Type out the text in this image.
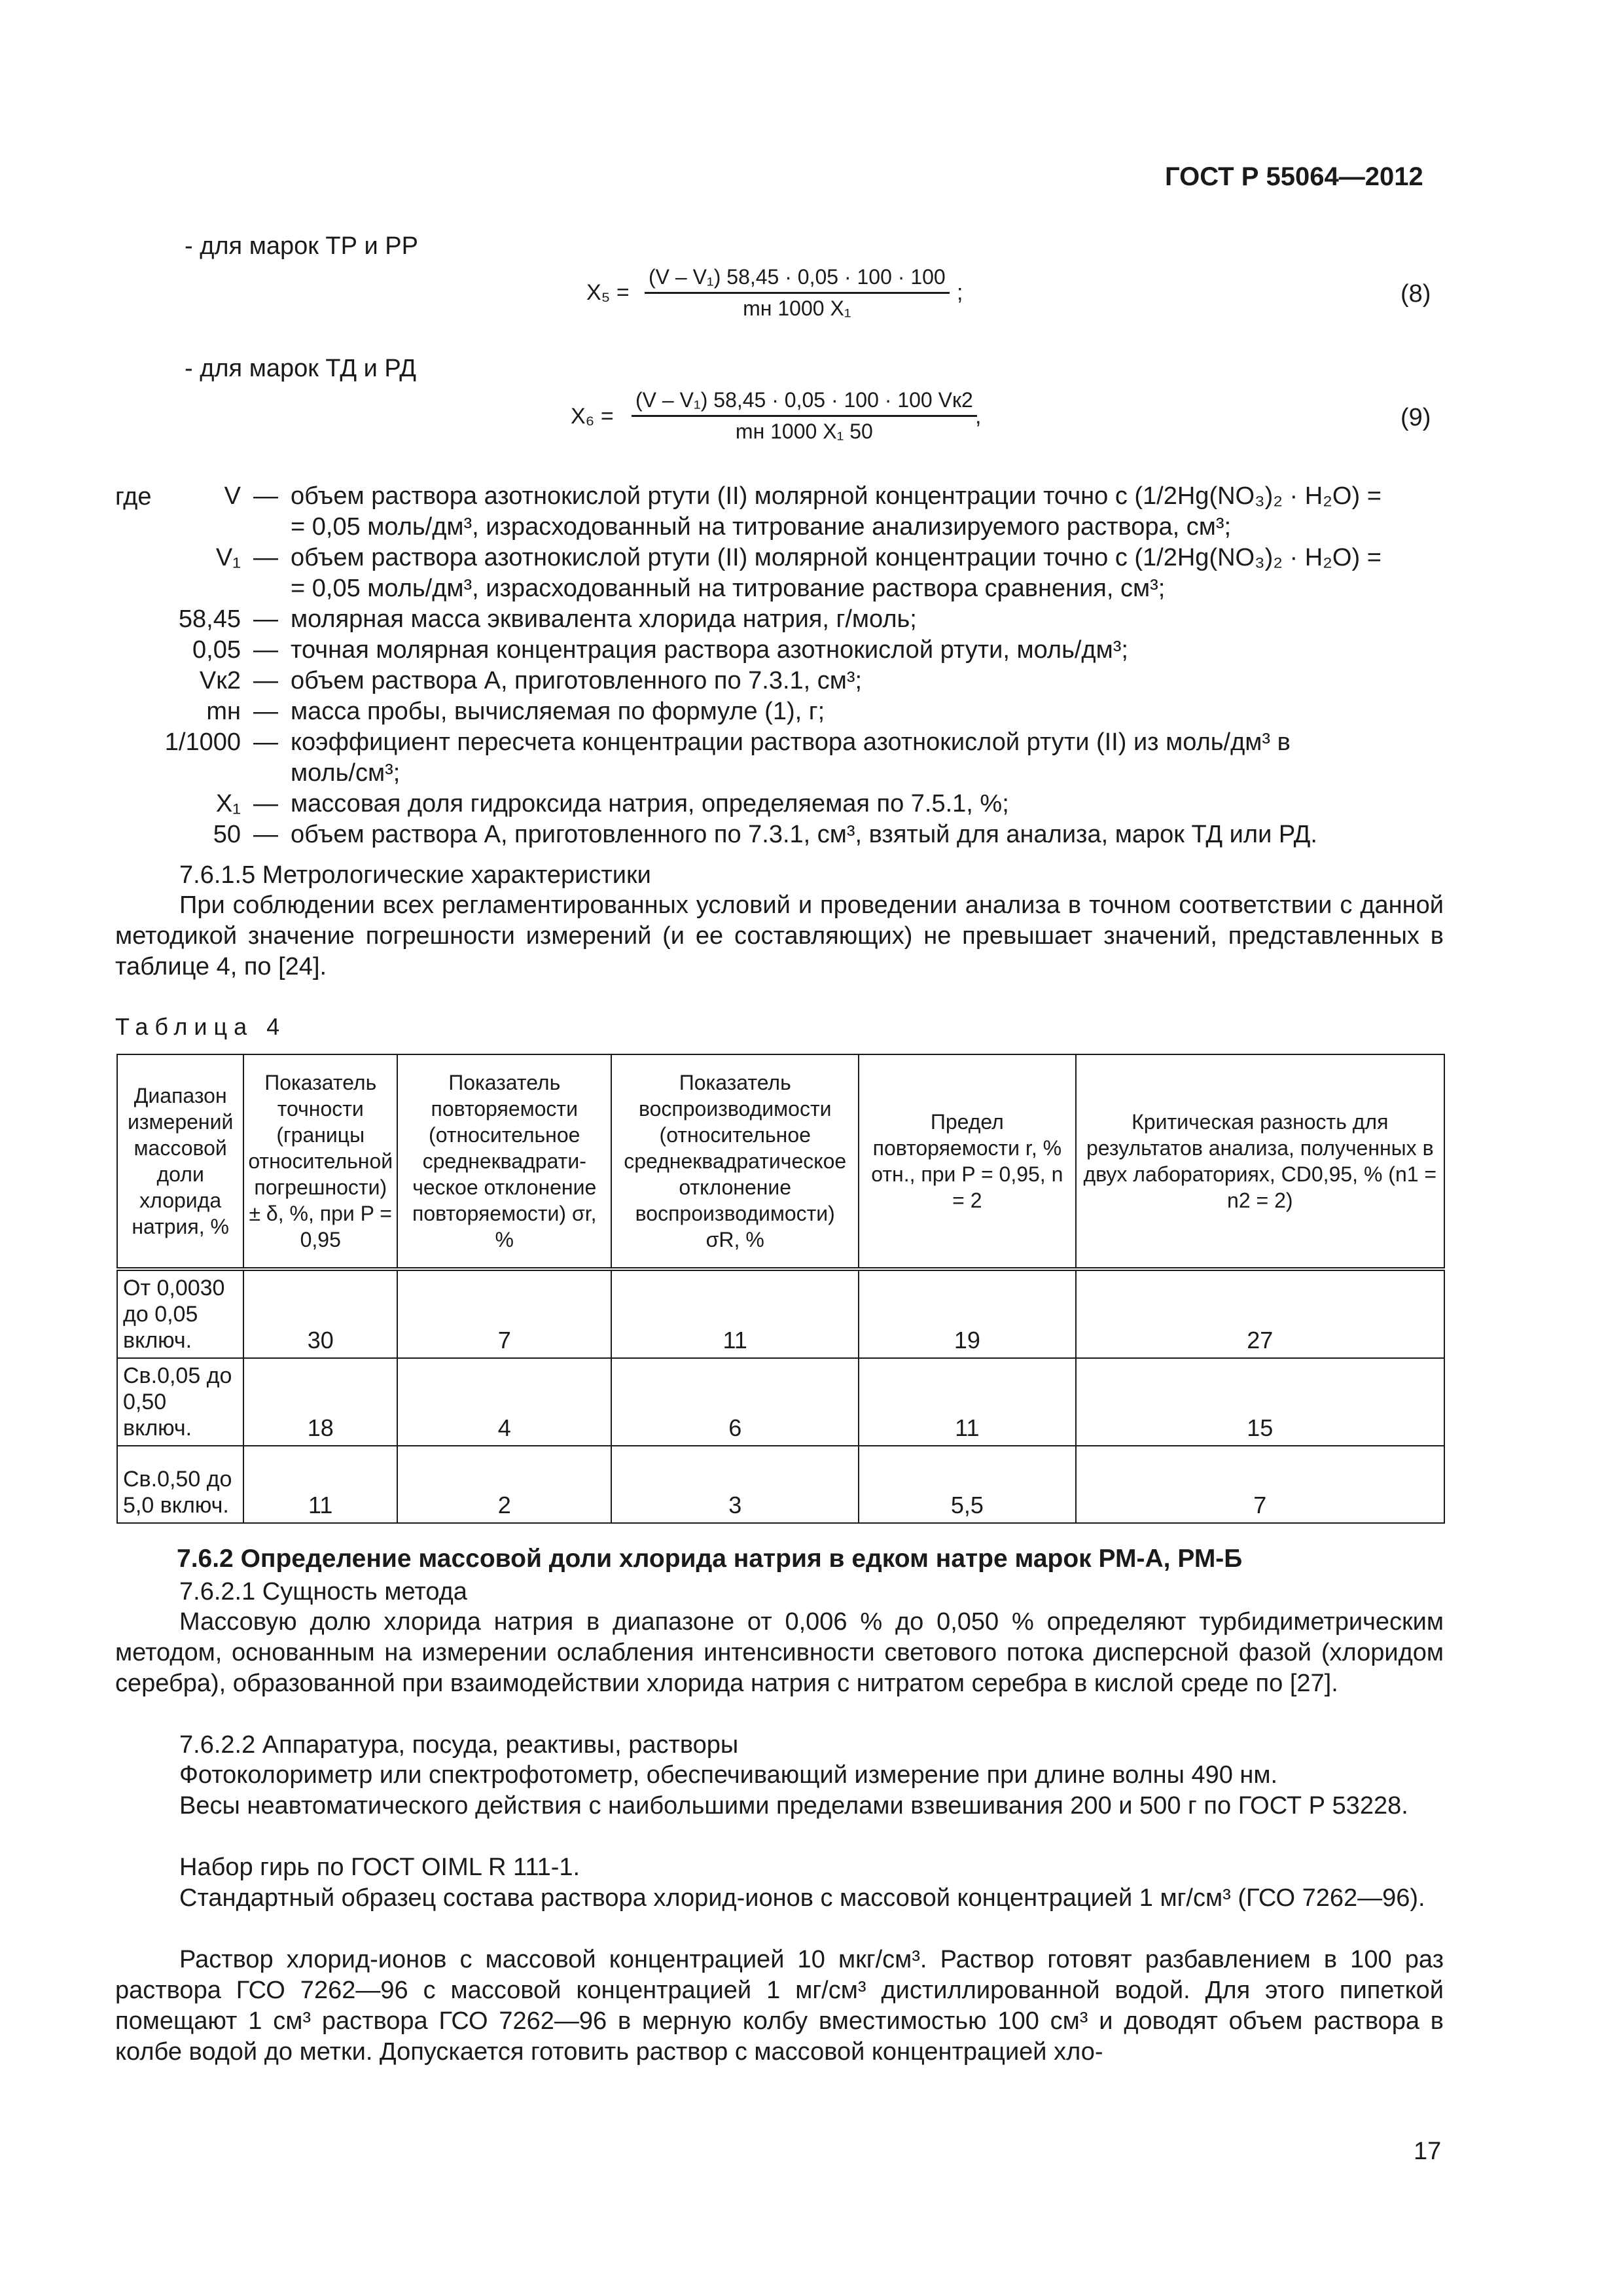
ГОСТ Р 55064—2012
- для марок ТР и РР
X₅ =
(V – V₁) 58,45 · 0,05 · 100 · 100
mн 1000 X₁
;	(8)
- для марок ТД и РД
X₆ =
(V – V₁) 58,45 · 0,05 · 100 · 100 Vк2
mн 1000 X₁ 50
,	(9)
где	V — объем раствора азотнокислой ртути (II) молярной концентрации точно c (1/2Hg(NO₃)₂ · H₂O) =
= 0,05 моль/дм³, израсходованный на титрование анализируемого раствора, см³;
V₁ — объем раствора азотнокислой ртути (II) молярной концентрации точно c (1/2Hg(NO₃)₂ · H₂O) =
= 0,05 моль/дм³, израсходованный на титрование раствора сравнения, см³;
58,45 — молярная масса эквивалента хлорида натрия, г/моль;
0,05 — точная молярная концентрация раствора азотнокислой ртути, моль/дм³;
Vк2 — объем раствора А, приготовленного по 7.3.1, см³;
mн — масса пробы, вычисляемая по формуле (1), г;
1/1000 — коэффициент пересчета концентрации раствора азотнокислой ртути (II) из моль/дм³ в
моль/см³;
X₁ — массовая доля гидроксида натрия, определяемая по 7.5.1, %;
50 — объем раствора А, приготовленного по 7.3.1, см³, взятый для анализа, марок ТД или РД.
7.6.1.5 Метрологические характеристики
При соблюдении всех регламентированных условий и проведении анализа в точном соответствии с данной методикой значение погрешности измерений (и ее составляющих) не превышает значений, представленных в таблице 4, по [24].
Таблица 4
Диапазон измерений массовой доли хлорида натрия, %	Показатель точности (границы относительной погрешности) ± δ, %, при P = 0,95	Показатель повторяемости (относительное среднеквадрати-ческое отклонение повторяемости) σr, %	Показатель воспроизводимости (относительное среднеквадратическое отклонение воспроизводимости) σR, %	Предел повторяемости r, % отн., при P = 0,95, n = 2	Критическая разность для результатов анализа, полученных в двух лабораториях, CD0,95, % (n1 = n2 = 2)
От 0,0030 до 0,05 включ.	30	7	11	19	27
Св.0,05 до 0,50 включ.	18	4	6	11	15
Св.0,50 до 5,0 включ.	11	2	3	5,5	7
7.6.2 Определение массовой доли хлорида натрия в едком натре марок РМ-А, РМ-Б
7.6.2.1 Сущность метода
Массовую долю хлорида натрия в диапазоне от 0,006 % до 0,050 % определяют турбидиметрическим методом, основанным на измерении ослабления интенсивности светового потока дисперсной фазой (хлоридом серебра), образованной при взаимодействии хлорида натрия с нитратом серебра в кислой среде по [27].
7.6.2.2 Аппаратура, посуда, реактивы, растворы
Фотоколориметр или спектрофотометр, обеспечивающий измерение при длине волны 490 нм.
Весы неавтоматического действия с наибольшими пределами взвешивания 200 и 500 г по ГОСТ Р 53228.
Набор гирь по ГОСТ OIML R 111-1.
Стандартный образец состава раствора хлорид-ионов с массовой концентрацией 1 мг/см³ (ГСО 7262—96).
Раствор хлорид-ионов с массовой концентрацией 10 мкг/см³. Раствор готовят разбавлением в 100 раз раствора ГСО 7262—96 с массовой концентрацией 1 мг/см³ дистиллированной водой. Для этого пипеткой помещают 1 см³ раствора ГСО 7262—96 в мерную колбу вместимостью 100 см³ и доводят объем раствора в колбе водой до метки. Допускается готовить раствор с массовой концентрацией хло-
17
